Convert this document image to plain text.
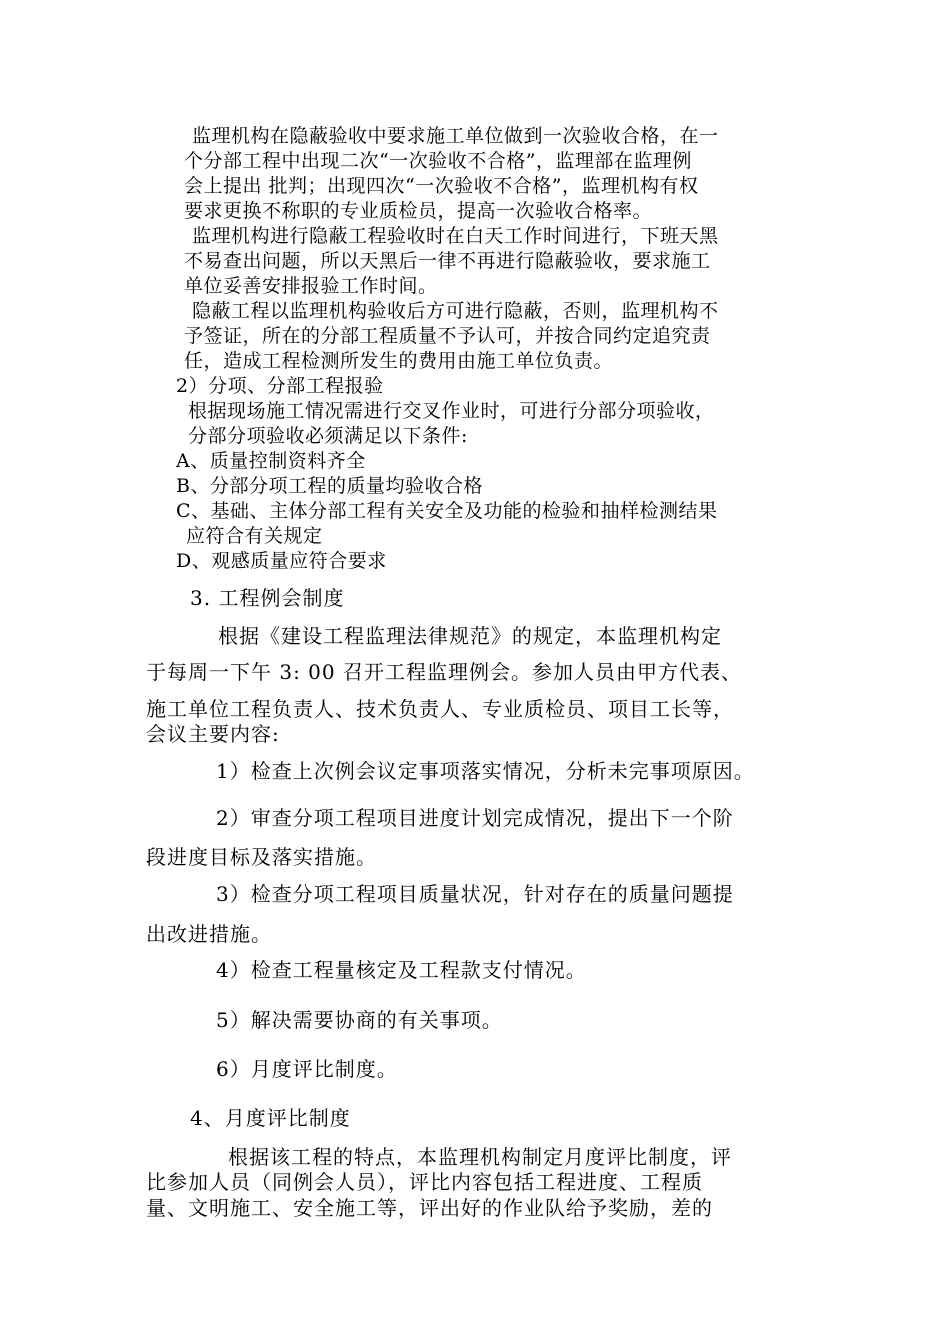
监理机构在隐蔽验收中要求施工单位做到一次验收合格，在一
个分部工程中出现二次“一次验收不合格”，监理部在监理例
会上提出 批判；出现四次“一次验收不合格”，监理机构有权
要求更换不称职的专业质检员，提高一次验收合格率。
监理机构进行隐蔽工程验收时在白天工作时间进行，下班天黑
不易查出问题，所以天黑后一律不再进行隐蔽验收，要求施工
单位妥善安排报验工作时间。
隐蔽工程以监理机构验收后方可进行隐蔽，否则，监理机构不
予签证，所在的分部工程质量不予认可，并按合同约定追究责
任，造成工程检测所发生的费用由施工单位负责。
2）分项、分部工程报验
根据现场施工情况需进行交叉作业时，可进行分部分项验收，
分部分项验收必须满足以下条件:
A、质量控制资料齐全
B、分部分项工程的质量均验收合格
C、基础、主体分部工程有关安全及功能的检验和抽样检测结果
应符合有关规定
D、观感质量应符合要求
3. 工程例会制度
根据《建设工程监理法律规范》的规定，本监理机构定
于每周一下午 3: 00 召开工程监理例会。参加人员由甲方代表、
施工单位工程负责人、技术负责人、专业质检员、项目工长等，
会议主要内容:
1）检查上次例会议定事项落实情况，分析未完事项原因。
2）审查分项工程项目进度计划完成情况，提出下一个阶
段进度目标及落实措施。
3）检查分项工程项目质量状况，针对存在的质量问题提
出改进措施。
4）检查工程量核定及工程款支付情况。
5）解决需要协商的有关事项。
6）月度评比制度。
4、月度评比制度
根据该工程的特点，本监理机构制定月度评比制度，评
比参加人员（同例会人员），评比内容包括工程进度、工程质
量、文明施工、安全施工等，评出好的作业队给予奖励，差的
